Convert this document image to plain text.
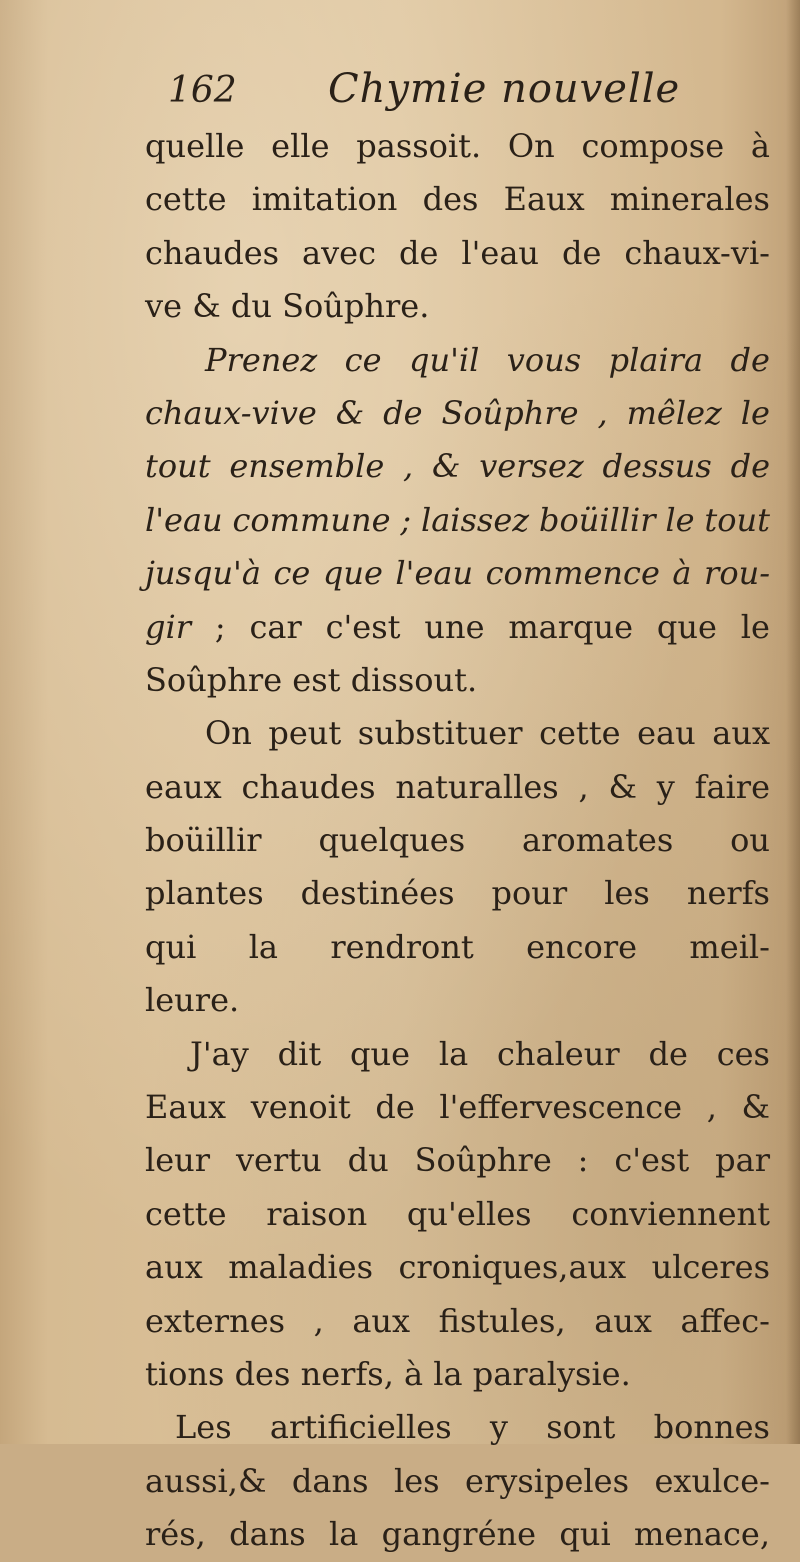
162 Chymie nouvelle
quelle elle passoit. On compose à
cette imitation des Eaux minerales
chaudes avec de l'eau de chaux-vi-
ve & du Soûphre.
Prenez ce qu'il vous plaira de
chaux-vive & de Soûphre , mêlez le
tout ensemble , & versez dessus de
l'eau commune ; laissez boüillir le tout
jusqu'à ce que l'eau commence à rou-
gir ; car c'est une marque que le
Soûphre est dissout.
On peut substituer cette eau aux
eaux chaudes naturalles , & y faire
boüillir quelques aromates ou
plantes destinées pour les nerfs
qui la rendront encore meil-
leure.
J'ay dit que la chaleur de ces
Eaux venoit de l'effervescence , &
leur vertu du Soûphre : c'est par
cette raison qu'elles conviennent
aux maladies croniques,aux ulceres
externes , aux fistules, aux affec-
tions des nerfs, à la paralysie.
Les artificielles y sont bonnes
aussi,& dans les erysipeles exulce-
rés, dans la gangréne qui menace,
